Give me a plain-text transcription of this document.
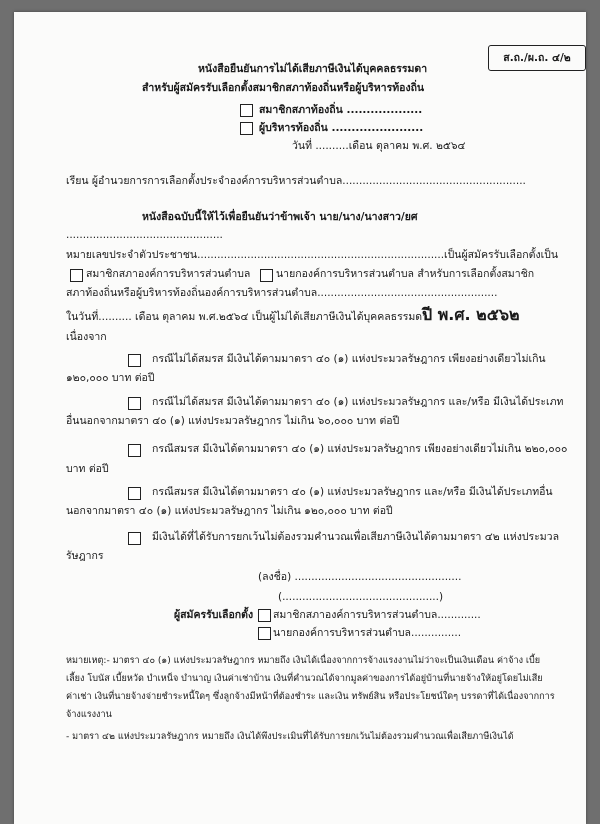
ส.ถ./ผ.ถ. ๔/๒
หนังสือยืนยันการไม่ได้เสียภาษีเงินได้บุคคลธรรมดา
สำหรับผู้สมัครรับเลือกตั้งสมาชิกสภาท้องถิ่นหรือผู้บริหารท้องถิ่น
สมาชิกสภาท้องถิ่น ...................
ผู้บริหารท้องถิ่น .......................
วันที่ ..........เดือน ตุลาคม พ.ศ. ๒๕๖๔
เรียน ผู้อำนวยการการเลือกตั้งประจำองค์การบริหารส่วนตำบล.......................................................
หนังสือฉบับนี้ให้ไว้เพื่อยืนยันว่าข้าพเจ้า นาย/นาง/นางสาว/ยศ
...............................................
หมายเลขประจำตัวประชาชน..........................................................................เป็นผู้สมัครรับเลือกตั้งเป็น
สมาชิกสภาองค์การบริหารส่วนตำบล นายกองค์การบริหารส่วนตำบล สำหรับการเลือกตั้งสมาชิก
สภาท้องถิ่นหรือผู้บริหารท้องถิ่นองค์การบริหารส่วนตำบล......................................................
ในวันที่.......... เดือน ตุลาคม พ.ศ.๒๕๖๔ เป็นผู้ไม่ได้เสียภาษีเงินได้บุคคลธรรมดา
ปี พ.ศ. ๒๕๖๒
เนื่องจาก
กรณีไม่ได้สมรส มีเงินได้ตามมาตรา ๔๐ (๑) แห่งประมวลรัษฎากร เพียงอย่างเดียวไม่เกิน
๑๒๐,๐๐๐ บาท ต่อปี
กรณีไม่ได้สมรส มีเงินได้ตามมาตรา ๔๐ (๑) แห่งประมวลรัษฎากร และ/หรือ มีเงินได้ประเภท
อื่นนอกจากมาตรา ๔๐ (๑) แห่งประมวลรัษฎากร ไม่เกิน ๖๐,๐๐๐ บาท ต่อปี
กรณีสมรส มีเงินได้ตามมาตรา ๔๐ (๑) แห่งประมวลรัษฎากร เพียงอย่างเดียวไม่เกิน ๒๒๐,๐๐๐
บาท ต่อปี
กรณีสมรส มีเงินได้ตามมาตรา ๔๐ (๑) แห่งประมวลรัษฎากร และ/หรือ มีเงินได้ประเภทอื่น
นอกจากมาตรา ๔๐ (๑) แห่งประมวลรัษฎากร ไม่เกิน ๑๒๐,๐๐๐ บาท ต่อปี
มีเงินได้ที่ได้รับการยกเว้นไม่ต้องรวมคำนวณเพื่อเสียภาษีเงินได้ตามมาตรา ๔๒ แห่งประมวล
รัษฎากร
(ลงชื่อ) ..................................................
(...............................................)
ผู้สมัครรับเลือกตั้ง สมาชิกสภาองค์การบริหารส่วนตำบล.............
นายกองค์การบริหารส่วนตำบล...............
หมายเหตุ:- มาตรา ๔๐ (๑) แห่งประมวลรัษฎากร หมายถึง เงินได้เนื่องจากการจ้างแรงงานไม่ว่าจะเป็นเงินเดือน ค่าจ้าง เบี้ย
เลี้ยง โบนัส เบี้ยหวัด บำเหน็จ บำนาญ เงินค่าเช่าบ้าน เงินที่คำนวณได้จากมูลค่าของการได้อยู่บ้านที่นายจ้างให้อยู่โดยไม่เสีย
ค่าเช่า เงินที่นายจ้างจ่ายชำระหนี้ใดๆ ซึ่งลูกจ้างมีหน้าที่ต้องชำระ และเงิน ทรัพย์สิน หรือประโยชน์ใดๆ บรรดาที่ได้เนื่องจากการ
จ้างแรงงาน
- มาตรา ๔๒ แห่งประมวลรัษฎากร หมายถึง เงินได้พึงประเมินที่ได้รับการยกเว้นไม่ต้องรวมคำนวณเพื่อเสียภาษีเงินได้
